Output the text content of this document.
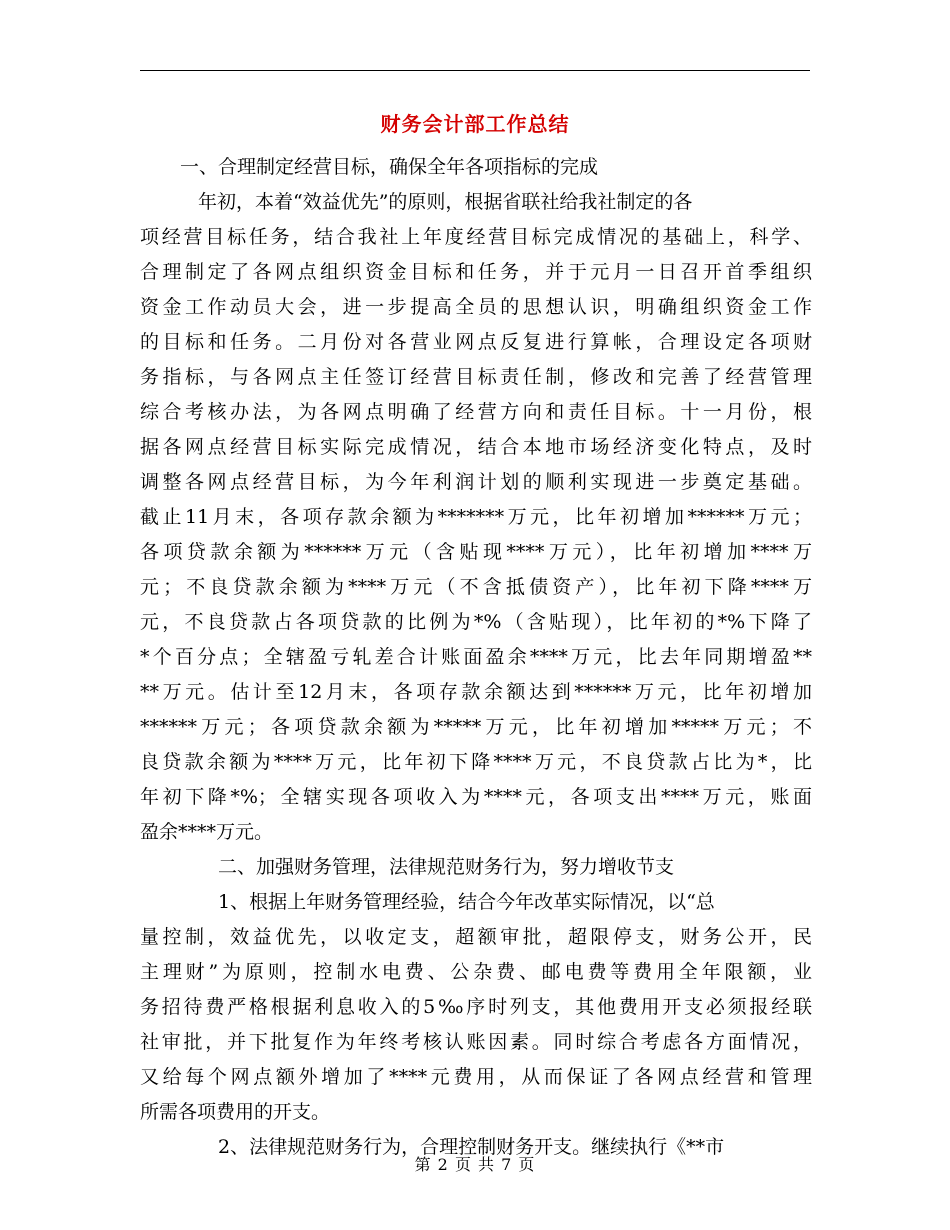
财务会计部工作总结
一、合理制定经营目标，确保全年各项指标的完成
年初，本着“效益优先”的原则，根据省联社给我社制定的各
项经营目标任务，结合我社上年度经营目标完成情况的基础上，科学、
合理制定了各网点组织资金目标和任务，并于元月一日召开首季组织
资金工作动员大会，进一步提高全员的思想认识，明确组织资金工作
的目标和任务。二月份对各营业网点反复进行算帐，合理设定各项财
务指标，与各网点主任签订经营目标责任制，修改和完善了经营管理
综合考核办法，为各网点明确了经营方向和责任目标。十一月份，根
据各网点经营目标实际完成情况，结合本地市场经济变化特点，及时
调整各网点经营目标，为今年利润计划的顺利实现进一步奠定基础。
截止11月末，各项存款余额为*******万元，比年初增加******万元；
各项贷款余额为******万元（含贴现****万元），比年初增加****万
元；不良贷款余额为****万元（不含抵债资产），比年初下降****万
元，不良贷款占各项贷款的比例为*%（含贴现），比年初的*%下降了
*个百分点；全辖盈亏轧差合计账面盈余****万元，比去年同期增盈**
**万元。估计至12月末，各项存款余额达到******万元，比年初增加
******万元；各项贷款余额为*****万元，比年初增加*****万元；不
良贷款余额为****万元，比年初下降****万元，不良贷款占比为*，比
年初下降*%；全辖实现各项收入为****元，各项支出****万元，账面
盈余****万元。
二、加强财务管理，法律规范财务行为，努力增收节支
1、根据上年财务管理经验，结合今年改革实际情况，以“总
量控制，效益优先，以收定支，超额审批，超限停支，财务公开，民
主理财”为原则，控制水电费、公杂费、邮电费等费用全年限额，业
务招待费严格根据利息收入的5‰序时列支，其他费用开支必须报经联
社审批，并下批复作为年终考核认账因素。同时综合考虑各方面情况，
又给每个网点额外增加了****元费用，从而保证了各网点经营和管理
所需各项费用的开支。
2、法律规范财务行为，合理控制财务开支。继续执行《**市
第 2 页 共 7 页
